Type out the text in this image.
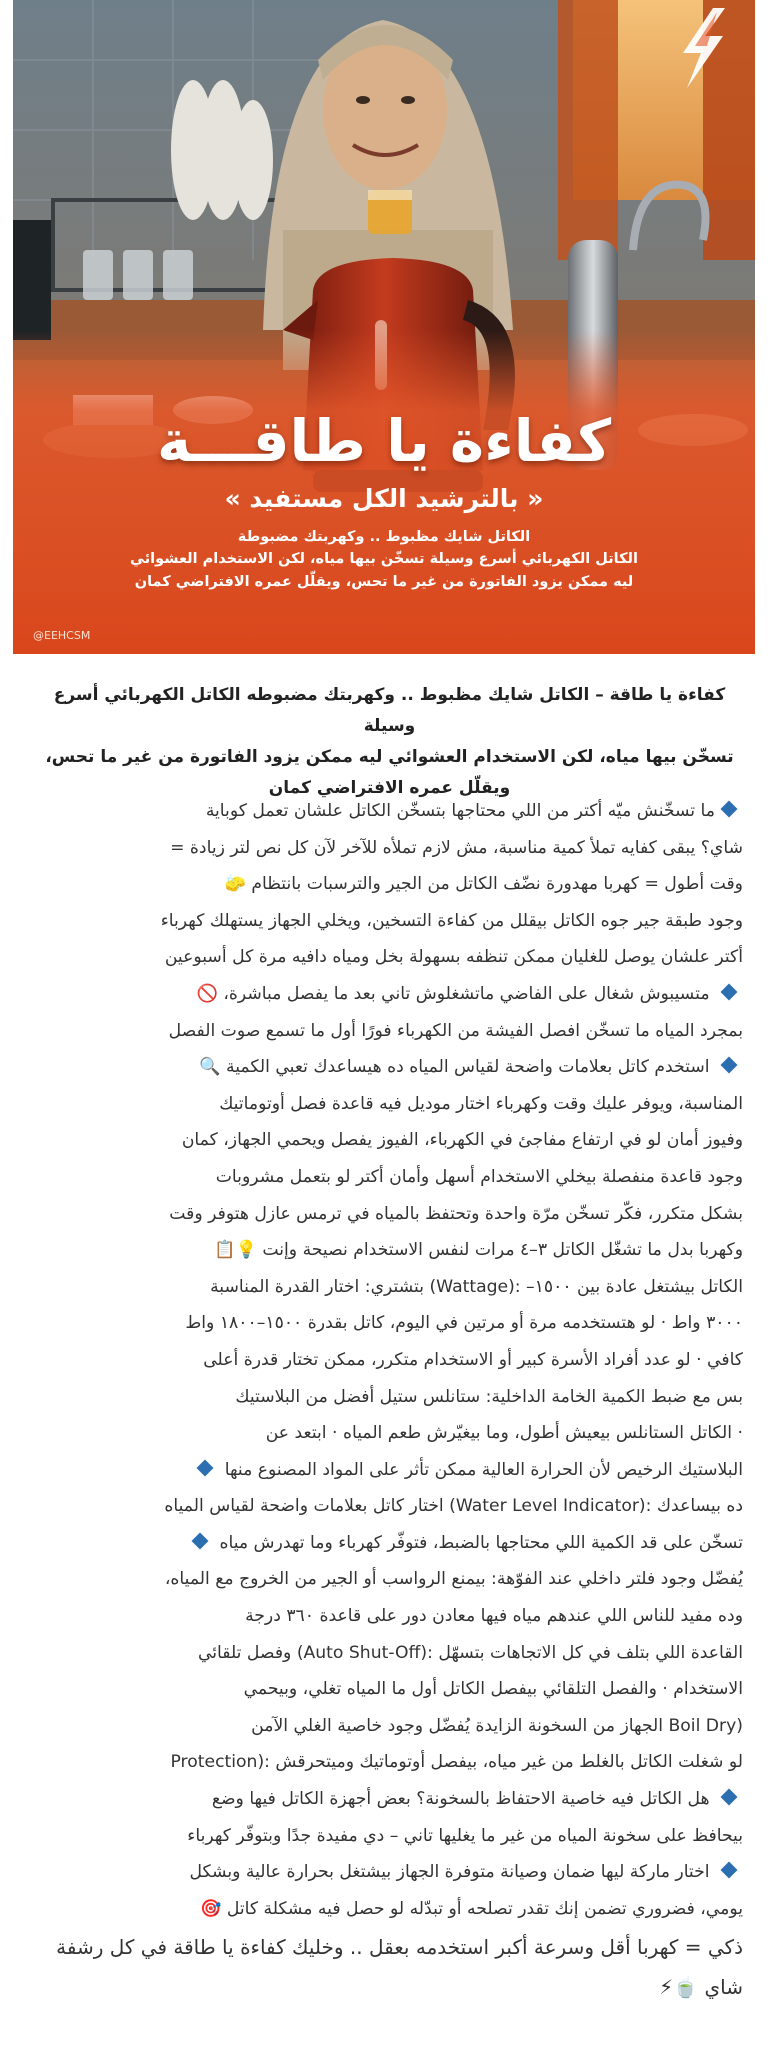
كفاءة يا طاقـــة
« بالترشيد الكل مستفيد »
الكاتل شايك مظبوط .. وكهربتك مضبوطة
الكاتل الكهربائي أسرع وسيلة تسخّن بيها مياه، لكن الاستخدام العشوائي
ليه ممكن يزود الفاتورة من غير ما تحس، ويقلّل عمره الافتراضي كمان
@EEHCSM
كفاءة يا طاقة – الكاتل شايك مظبوط .. وكهربتك مضبوطه الكاتل الكهربائي أسرع وسيلة
تسخّن بيها مياه، لكن الاستخدام العشوائي ليه ممكن يزود الفاتورة من غير ما تحس،
ويقلّل عمره الافتراضي كمان
ما تسخّنش ميّه أكتر من اللي محتاجها بتسخّن الكاتل علشان تعمل كوباية
شاي؟ يبقى كفايه تملأ كمية مناسبة، مش لازم تملأه للآخر لآن كل نص لتر زيادة =
وقت أطول = كهربا مهدورة نضّف الكاتل من الجير والترسبات بانتظام 🧽
وجود طبقة جير جوه الكاتل بيقلل من كفاءة التسخين، ويخلي الجهاز يستهلك كهرباء
أكتر علشان يوصل للغليان ممكن تنظفه بسهولة بخل ومياه دافيه مرة كل أسبوعين
متسيبوش شغال على الفاضي ماتشغلوش تاني بعد ما يفصل مباشرة، 🚫
بمجرد المياه ما تسخّن افصل الفيشة من الكهرباء فورًا أول ما تسمع صوت الفصل
استخدم كاتل بعلامات واضحة لقياس المياه ده هيساعدك تعبي الكمية 🔍
المناسبة، ويوفر عليك وقت وكهرباء اختار موديل فيه قاعدة فصل أوتوماتيك
وفيوز أمان لو في ارتفاع مفاجئ في الكهرباء، الفيوز يفصل ويحمي الجهاز، كمان
وجود قاعدة منفصلة بيخلي الاستخدام أسهل وأمان أكتر لو بتعمل مشروبات
بشكل متكرر، فكّر تسخّن مرّة واحدة وتحتفظ بالمياه في ترمس عازل هتوفر وقت
وكهربا بدل ما تشغّل الكاتل ٣–٤ مرات لنفس الاستخدام نصيحة وإنت 💡📋
الكاتل بيشتغل عادة بين ١٥٠٠– :(Wattage) بتشتري: اختار القدرة المناسبة
٣٠٠٠ واط · لو هتستخدمه مرة أو مرتين في اليوم، كاتل بقدرة ١٥٠٠–١٨٠٠ واط
كافي · لو عدد أفراد الأسرة كبير أو الاستخدام متكرر، ممكن تختار قدرة أعلى
بس مع ضبط الكمية الخامة الداخلية: ستانلس ستيل أفضل من البلاستيك
· الكاتل الستانلس بيعيش أطول، وما بيغيّرش طعم المياه · ابتعد عن
البلاستيك الرخيص لأن الحرارة العالية ممكن تأثر على المواد المصنوع منها
ده بيساعدك :(Water Level Indicator) اختار كاتل بعلامات واضحة لقياس المياه
تسخّن على قد الكمية اللي محتاجها بالضبط، فتوفّر كهرباء وما تهدرش مياه
يُفضّل وجود فلتر داخلي عند الفوّهة: بيمنع الرواسب أو الجير من الخروج مع المياه،
وده مفيد للناس اللي عندهم مياه فيها معادن دور على قاعدة ٣٦٠ درجة
القاعدة اللي بتلف في كل الاتجاهات بتسهّل :(Auto Shut-Off) وفصل تلقائي
الاستخدام · والفصل التلقائي بيفصل الكاتل أول ما المياه تغلي، وبيحمي
(Boil Dry الجهاز من السخونة الزايدة يُفضّل وجود خاصية الغلي الآمن
لو شغلت الكاتل بالغلط من غير مياه، بيفصل أوتوماتيك وميتحرقش :(Protection
هل الكاتل فيه خاصية الاحتفاظ بالسخونة؟ بعض أجهزة الكاتل فيها وضع
بيحافظ على سخونة المياه من غير ما يغليها تاني – دي مفيدة جدًا وبتوفّر كهرباء
اختار ماركة ليها ضمان وصيانة متوفرة الجهاز بيشتغل بحرارة عالية وبشكل
يومي، فضروري تضمن إنك تقدر تصلحه أو تبدّله لو حصل فيه مشكلة كاتل 🎯
ذكي = كهربا أقل وسرعة أكبر استخدمه بعقل .. وخليك كفاءة يا طاقة في كل رشفة
شاي 🍵⚡
